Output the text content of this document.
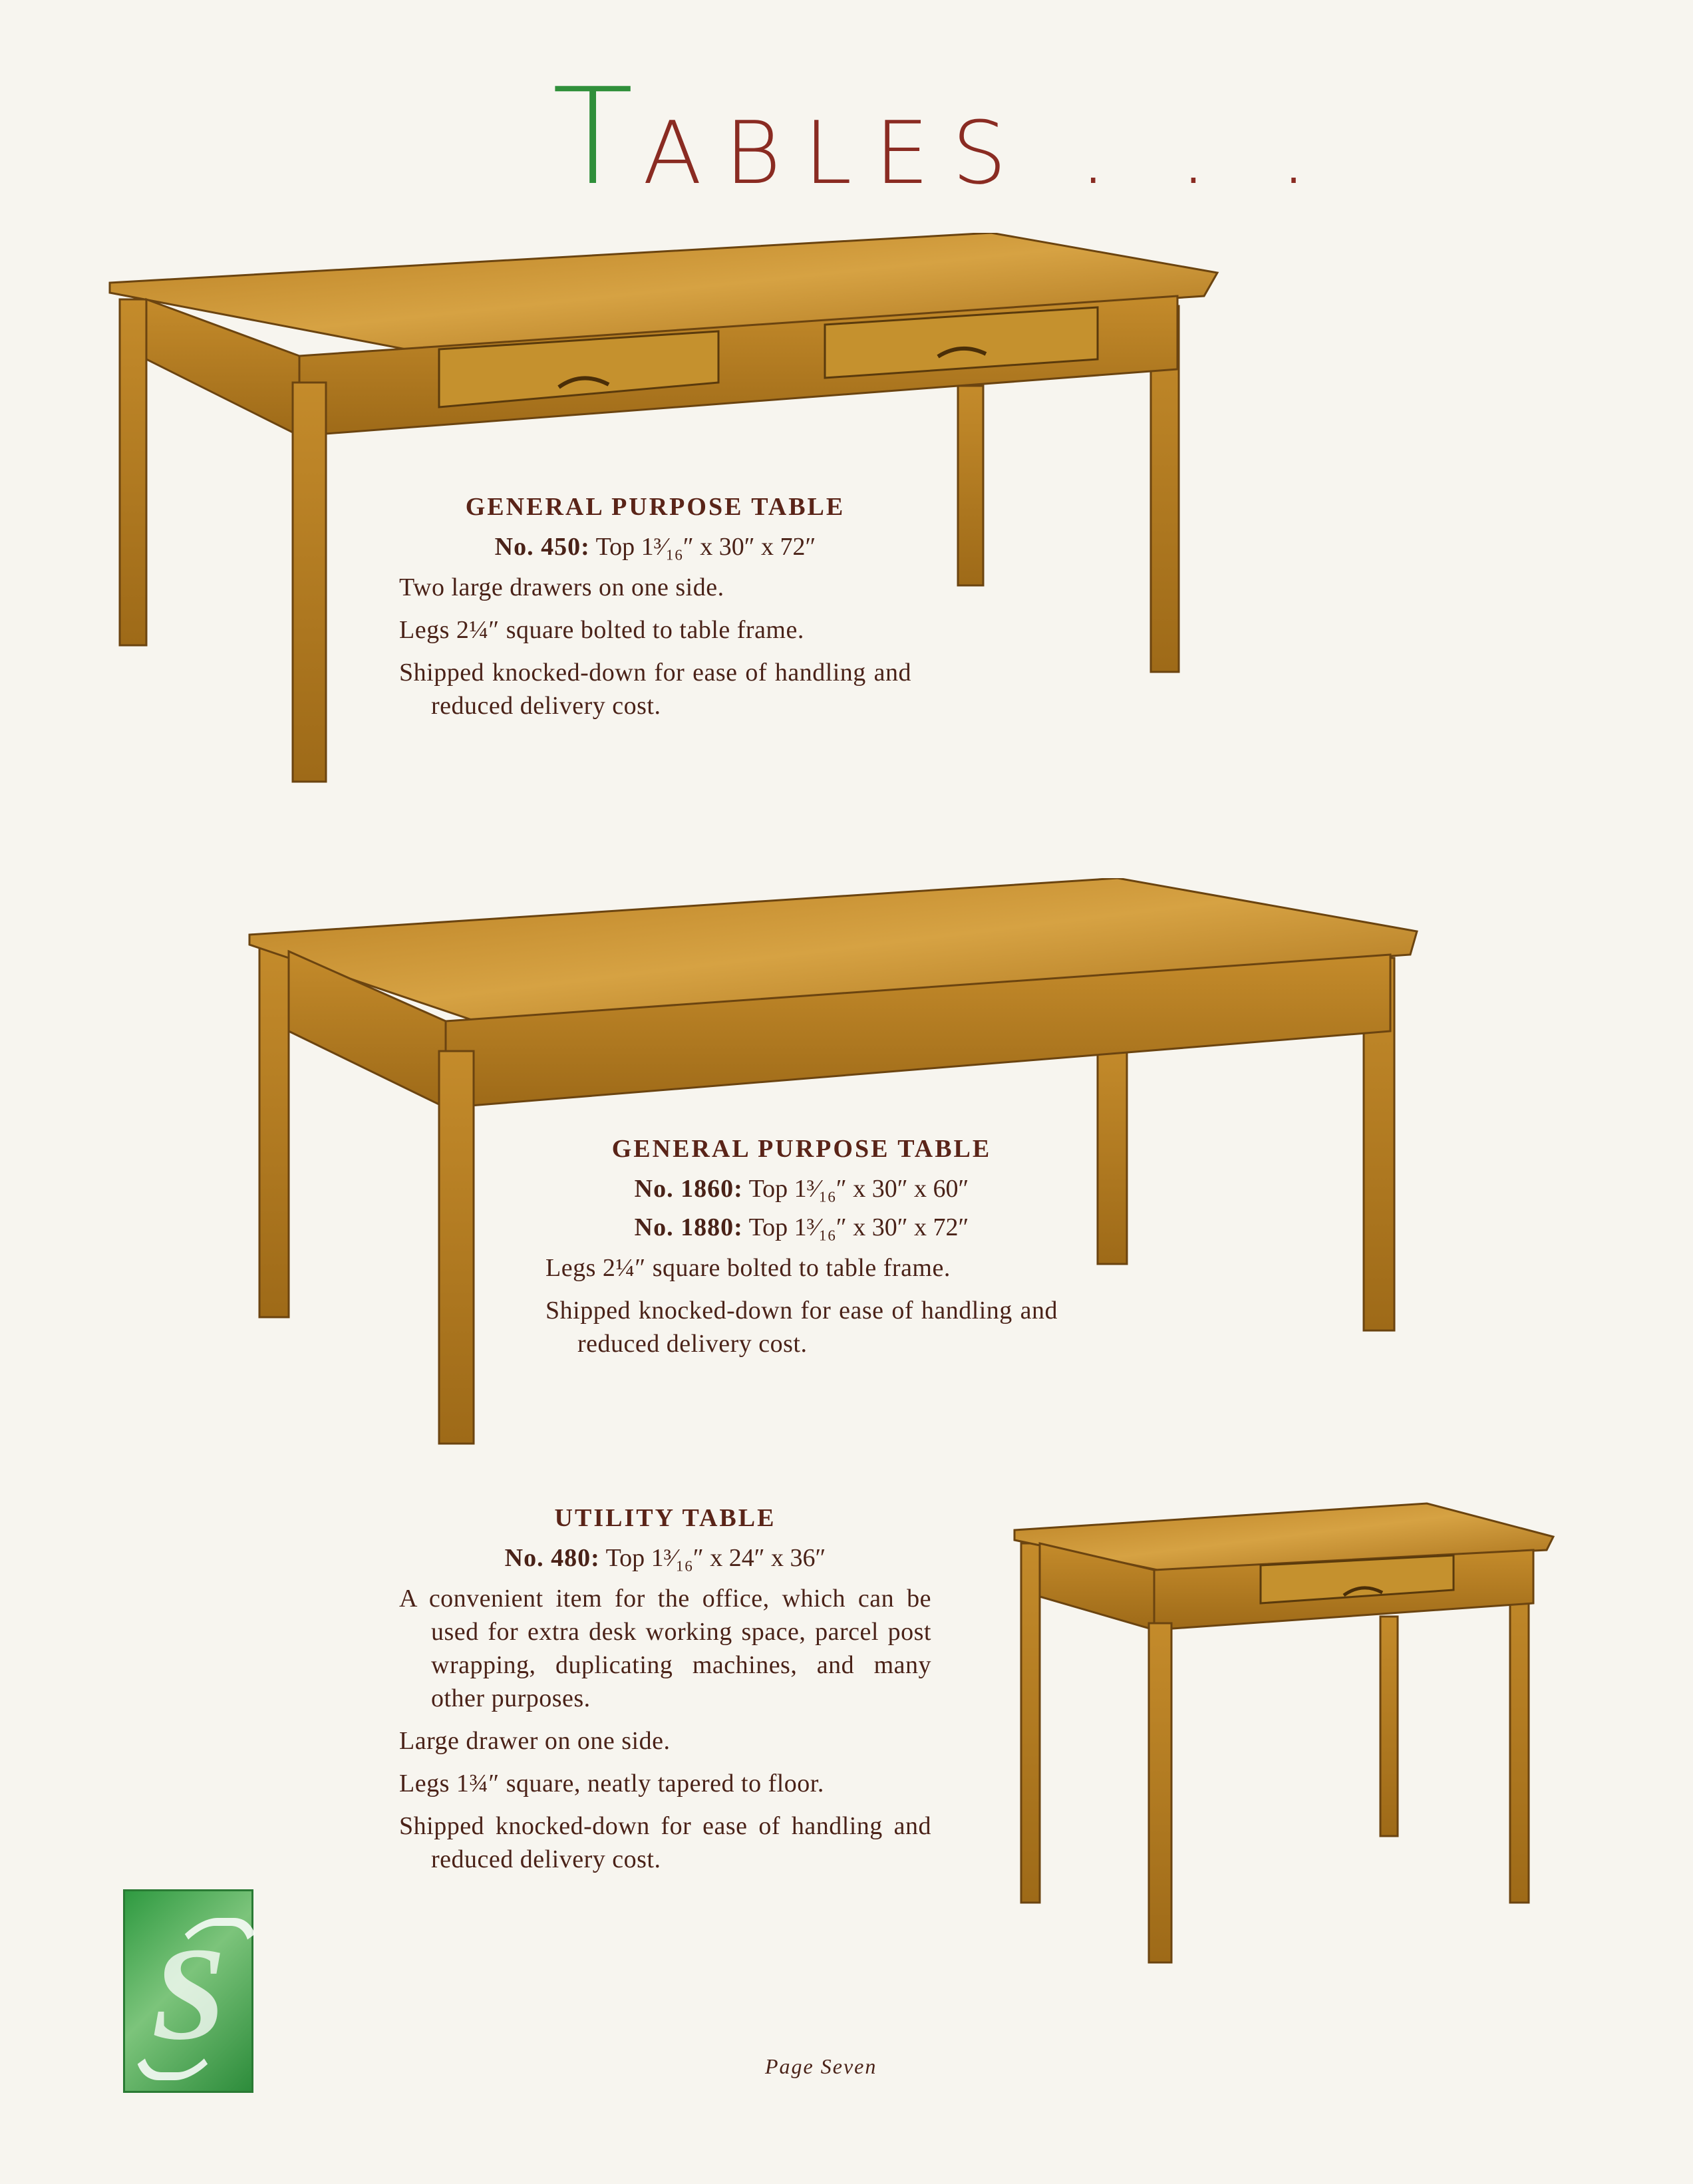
TABLES . . .
GENERAL PURPOSE TABLE
No. 450: Top 1³⁄₁₆″ x 30″ x 72″

Two large drawers on one side.

Legs 2¼″ square bolted to table frame.

Shipped knocked-down for ease of handling and reduced delivery cost.

GENERAL PURPOSE TABLE
No. 1860: Top 1³⁄₁₆″ x 30″ x 60″
No. 1880: Top 1³⁄₁₆″ x 30″ x 72″

Legs 2¼″ square bolted to table frame.

Shipped knocked-down for ease of handling and reduced delivery cost.

UTILITY TABLE
No. 480: Top 1³⁄₁₆″ x 24″ x 36″

A convenient item for the office, which can be used for extra desk working space, parcel post wrapping, duplicating machines, and many other purposes.

Large drawer on one side.

Legs 1¾″ square, neatly tapered to floor.

Shipped knocked-down for ease of handling and reduced delivery cost.

S	Page Seven
